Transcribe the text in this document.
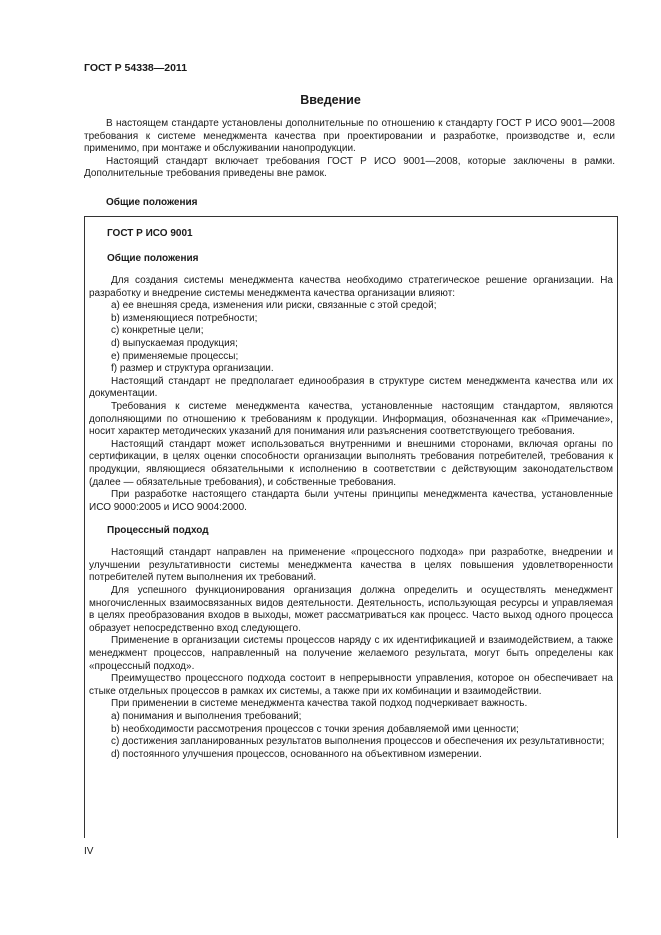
ГОСТ Р 54338—2011
Введение

В настоящем стандарте установлены дополнительные по отношению к стандарту ГОСТ Р ИСО 9001—2008 требования к системе менеджмента качества при проектировании и разработке, производстве и, если применимо, при монтаже и обслуживании нанопродукции.

Настоящий стандарт включает требования ГОСТ Р ИСО 9001—2008, которые заключены в рамки. Дополнительные требования приведены вне рамок.

Общие положения

ГОСТ Р ИСО 9001

Общие положения

Для создания системы менеджмента качества необходимо стратегическое решение организации. На разработку и внедрение системы менеджмента качества организации влияют:

a) ее внешняя среда, изменения или риски, связанные с этой средой;

b) изменяющиеся потребности;

c) конкретные цели;

d) выпускаемая продукция;

e) применяемые процессы;

f) размер и структура организации.

Настоящий стандарт не предполагает единообразия в структуре систем менеджмента качества или их документации.

Требования к системе менеджмента качества, установленные настоящим стандартом, являются дополняющими по отношению к требованиям к продукции. Информация, обозначенная как «Примечание», носит характер методических указаний для понимания или разъяснения соответствующего требования.

Настоящий стандарт может использоваться внутренними и внешними сторонами, включая органы по сертификации, в целях оценки способности организации выполнять требования потребителей, требования к продукции, являющиеся обязательными к исполнению в соответствии с действующим законодательством (далее — обязательные требования), и собственные требования.

При разработке настоящего стандарта были учтены принципы менеджмента качества, установленные ИСО 9000:2005 и ИСО 9004:2000.

Процессный подход

Настоящий стандарт направлен на применение «процессного подхода» при разработке, внедрении и улучшении результативности системы менеджмента качества в целях повышения удовлетворенности потребителей путем выполнения их требований.

Для успешного функционирования организация должна определить и осуществлять менеджмент многочисленных взаимосвязанных видов деятельности. Деятельность, использующая ресурсы и управляемая в целях преобразования входов в выходы, может рассматриваться как процесс. Часто выход одного процесса образует непосредственно вход следующего.

Применение в организации системы процессов наряду с их идентификацией и взаимодействием, а также менеджмент процессов, направленный на получение желаемого результата, могут быть определены как «процессный подход».

Преимущество процессного подхода состоит в непрерывности управления, которое он обеспечивает на стыке отдельных процессов в рамках их системы, а также при их комбинации и взаимодействии.

При применении в системе менеджмента качества такой подход подчеркивает важность.

a) понимания и выполнения требований;

b) необходимости рассмотрения процессов с точки зрения добавляемой ими ценности;

c) достижения запланированных результатов выполнения процессов и обеспечения их результативности;

d) постоянного улучшения процессов, основанного на объективном измерении.

IV
